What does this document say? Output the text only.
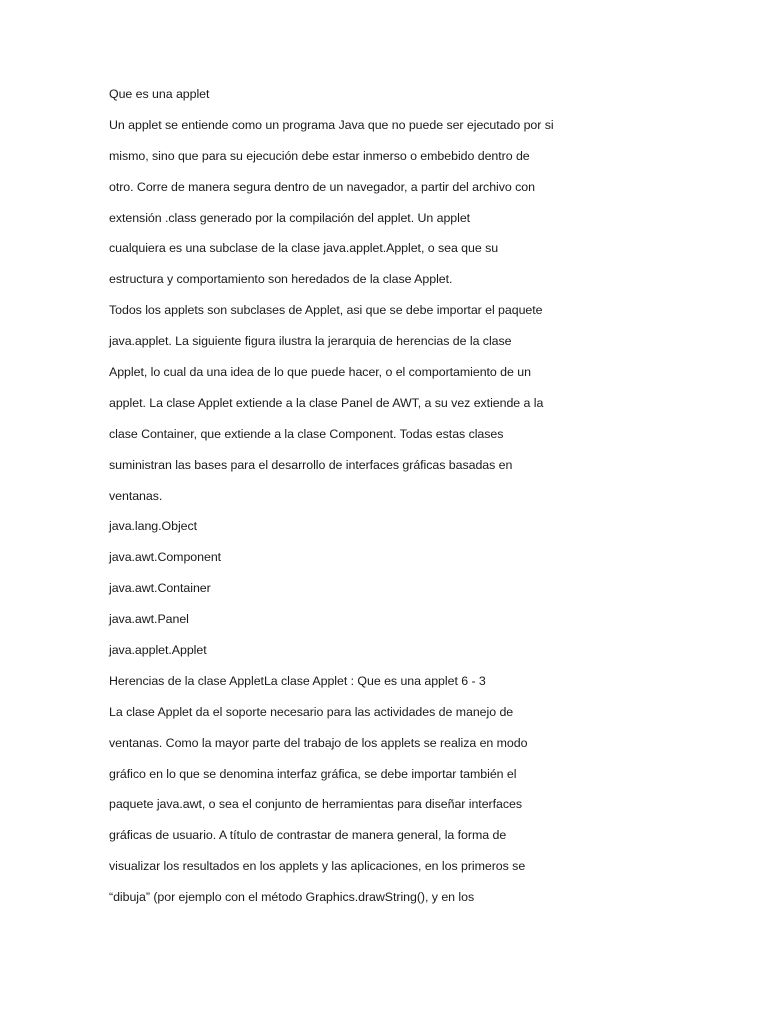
Que es una applet
Un applet se entiende como un programa Java que no puede ser ejecutado por si
mismo, sino que para su ejecución debe estar inmerso o embebido dentro de
otro. Corre de manera segura dentro de un navegador, a partir del archivo con
extensión .class generado por la compilación del applet. Un applet
cualquiera es una subclase de la clase java.applet.Applet, o sea que su
estructura y comportamiento son heredados de la clase Applet.
Todos los applets son subclases de Applet, asi que se debe importar el paquete
java.applet. La siguiente figura ilustra la jerarquia de herencias de la clase
Applet, lo cual da una idea de lo que puede hacer, o el comportamiento de un
applet. La clase Applet extiende a la clase Panel de AWT, a su vez extiende a la
clase Container, que extiende a la clase Component. Todas estas clases
suministran las bases para el desarrollo de interfaces gráficas basadas en
ventanas.
java.lang.Object
java.awt.Component
java.awt.Container
java.awt.Panel
java.applet.Applet
Herencias de la clase AppletLa clase Applet : Que es una applet 6 - 3
La clase Applet da el soporte necesario para las actividades de manejo de
ventanas. Como la mayor parte del trabajo de los applets se realiza en modo
gráfico en lo que se denomina interfaz gráfica, se debe importar también el
paquete java.awt, o sea el conjunto de herramientas para diseñar interfaces
gráficas de usuario. A título de contrastar de manera general, la forma de
visualizar los resultados en los applets y las aplicaciones, en los primeros se
“dibuja” (por ejemplo con el método Graphics.drawString(), y en los
